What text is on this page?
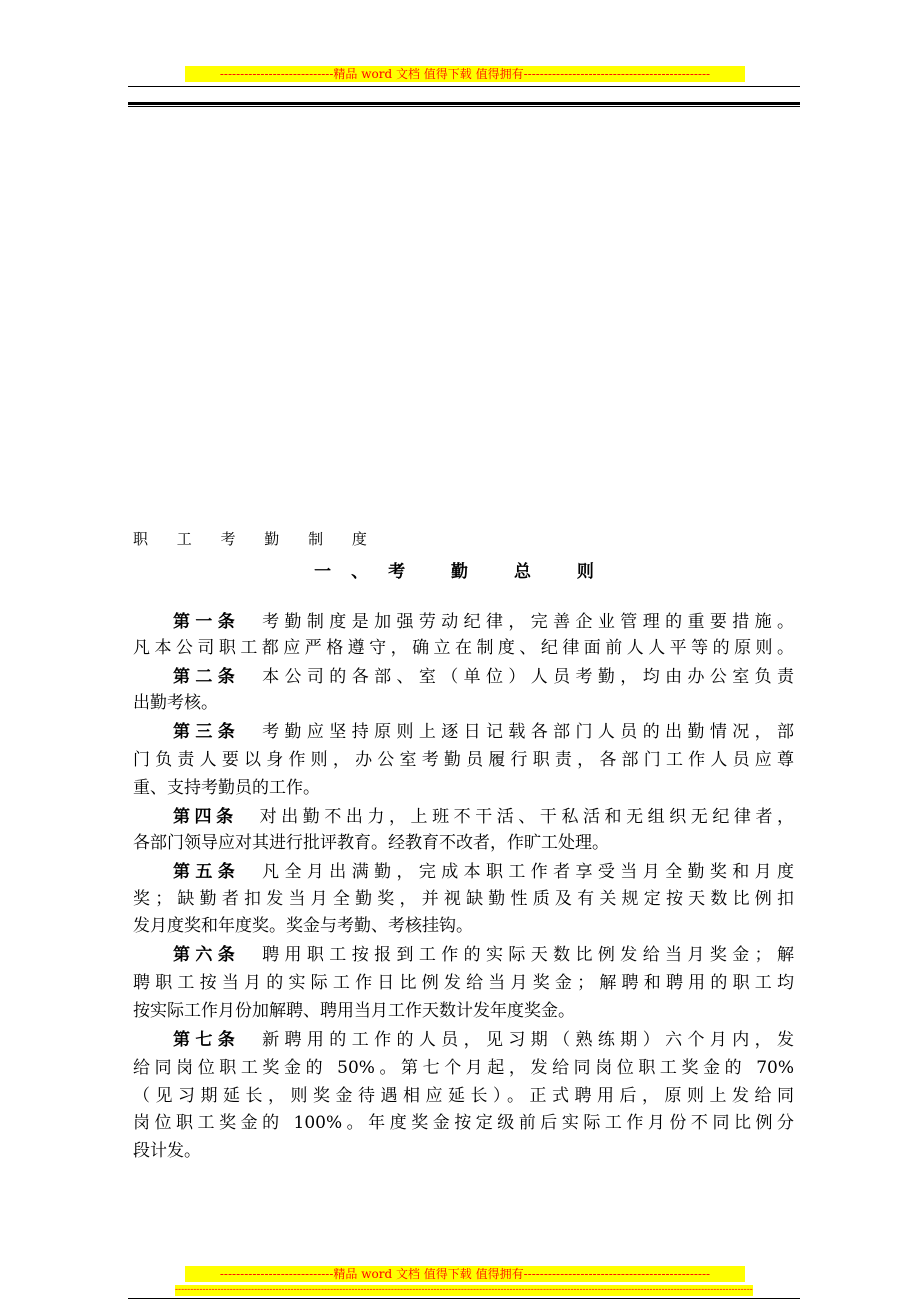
----------------------------精品 word 文档 值得下载 值得拥有----------------------------------------------
职 工 考 勤 制 度
一、考 勤 总 则
第一条 考勤制度是加强劳动纪律，完善企业管理的重要措施。
凡本公司职工都应严格遵守，确立在制度、纪律面前人人平等的原则。
第二条 本公司的各部、室（单位）人员考勤，均由办公室负责
出勤考核。
第三条 考勤应坚持原则上逐日记载各部门人员的出勤情况，部
门负责人要以身作则，办公室考勤员履行职责，各部门工作人员应尊
重、支持考勤员的工作。
第四条 对出勤不出力，上班不干活、干私活和无组织无纪律者，
各部门领导应对其进行批评教育。经教育不改者，作旷工处理。
第五条 凡全月出满勤，完成本职工作者享受当月全勤奖和月度
奖；缺勤者扣发当月全勤奖，并视缺勤性质及有关规定按天数比例扣
发月度奖和年度奖。奖金与考勤、考核挂钩。
第六条 聘用职工按报到工作的实际天数比例发给当月奖金；解
聘职工按当月的实际工作日比例发给当月奖金；解聘和聘用的职工均
按实际工作月份加解聘、聘用当月工作天数计发年度奖金。
第七条 新聘用的工作的人员，见习期（熟练期）六个月内，发
给同岗位职工奖金的 50%。第七个月起，发给同岗位职工奖金的 70%
（见习期延长，则奖金待遇相应延长）。正式聘用后，原则上发给同
岗位职工奖金的 100%。年度奖金按定级前后实际工作月份不同比例分
段计发。
----------------------------精品 word 文档 值得下载 值得拥有----------------------------------------------
----------------------------------------------------------------------------------------------------------------------------------------------------------------------------------------------
